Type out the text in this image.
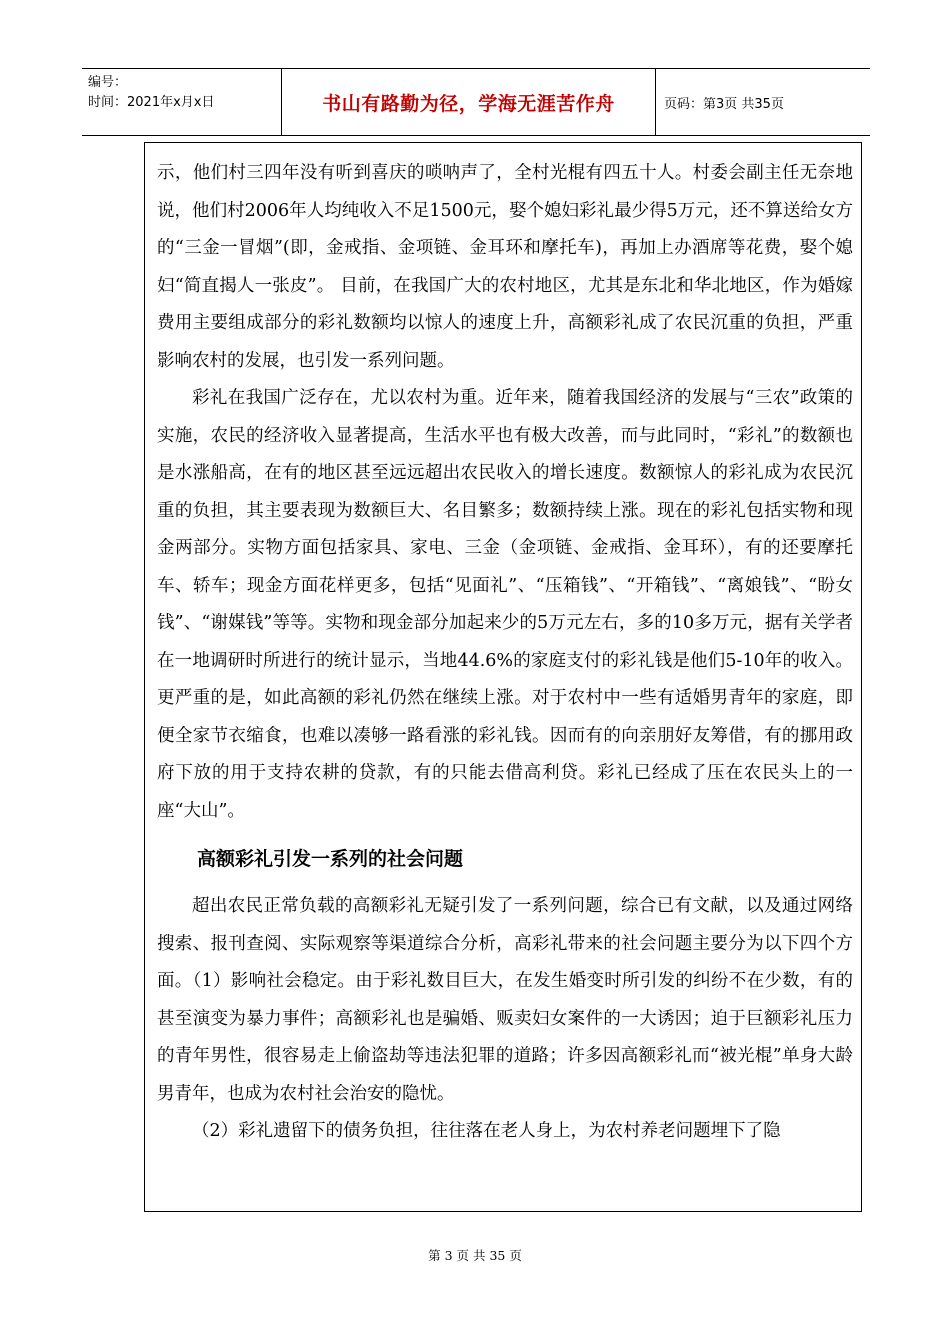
编号：
时间：2021年x月x日	书山有路勤为径，学海无涯苦作舟	页码：第3页 共35页

示，他们村三四年没有听到喜庆的唢呐声了，全村光棍有四五十人。村委会副主任无奈地说，他们村2006年人均纯收入不足1500元，娶个媳妇彩礼最少得5万元，还不算送给女方的“三金一冒烟”(即，金戒指、金项链、金耳环和摩托车)，再加上办酒席等花费，娶个媳妇“简直揭人一张皮”。 目前，在我国广大的农村地区，尤其是东北和华北地区，作为婚嫁费用主要组成部分的彩礼数额均以惊人的速度上升，高额彩礼成了农民沉重的负担，严重影响农村的发展，也引发一系列问题。

彩礼在我国广泛存在，尤以农村为重。近年来，随着我国经济的发展与“三农”政策的实施，农民的经济收入显著提高，生活水平也有极大改善，而与此同时，“彩礼”的数额也是水涨船高，在有的地区甚至远远超出农民收入的增长速度。数额惊人的彩礼成为农民沉重的负担，其主要表现为数额巨大、名目繁多；数额持续上涨。现在的彩礼包括实物和现金两部分。实物方面包括家具、家电、三金（金项链、金戒指、金耳环），有的还要摩托车、轿车；现金方面花样更多，包括“见面礼”、“压箱钱”、“开箱钱”、“离娘钱”、“盼女钱”、“谢媒钱”等等。实物和现金部分加起来少的5万元左右，多的10多万元，据有关学者在一地调研时所进行的统计显示，当地44.6%的家庭支付的彩礼钱是他们5-10年的收入。更严重的是，如此高额的彩礼仍然在继续上涨。对于农村中一些有适婚男青年的家庭，即便全家节衣缩食，也难以凑够一路看涨的彩礼钱。因而有的向亲朋好友筹借，有的挪用政府下放的用于支持农耕的贷款，有的只能去借高利贷。彩礼已经成了压在农民头上的一座“大山”。

高额彩礼引发一系列的社会问题

超出农民正常负载的高额彩礼无疑引发了一系列问题，综合已有文献，以及通过网络搜索、报刊查阅、实际观察等渠道综合分析，高彩礼带来的社会问题主要分为以下四个方面。（1）影响社会稳定。由于彩礼数目巨大，在发生婚变时所引发的纠纷不在少数，有的甚至演变为暴力事件；高额彩礼也是骗婚、贩卖妇女案件的一大诱因；迫于巨额彩礼压力的青年男性，很容易走上偷盗劫等违法犯罪的道路；许多因高额彩礼而“被光棍”单身大龄男青年，也成为农村社会治安的隐忧。

（2）彩礼遗留下的债务负担，往往落在老人身上，为农村养老问题埋下了隐

第 3 页 共 35 页
